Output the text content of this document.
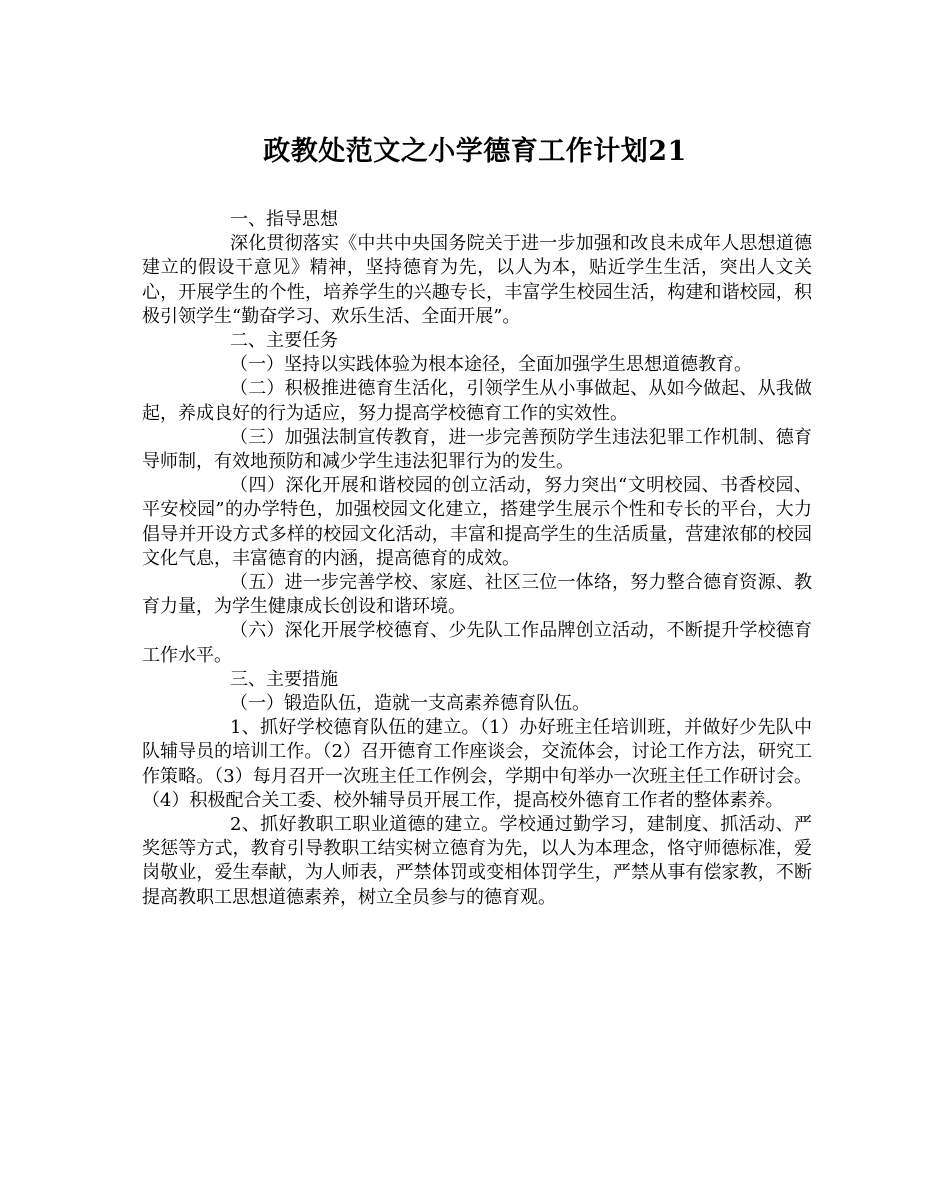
政教处范文之小学德育工作计划21

一、指导思想

深化贯彻落实《中共中央国务院关于进一步加强和改良未成年人思想道德建立的假设干意见》精神，坚持德育为先，以人为本，贴近学生生活，突出人文关心，开展学生的个性，培养学生的兴趣专长，丰富学生校园生活，构建和谐校园，积极引领学生“勤奋学习、欢乐生活、全面开展”。

二、主要任务

（一）坚持以实践体验为根本途径，全面加强学生思想道德教育。

（二）积极推进德育生活化，引领学生从小事做起、从如今做起、从我做起，养成良好的行为适应，努力提高学校德育工作的实效性。

（三）加强法制宣传教育，进一步完善预防学生违法犯罪工作机制、德育导师制，有效地预防和减少学生违法犯罪行为的发生。

（四）深化开展和谐校园的创立活动，努力突出“文明校园、书香校园、平安校园”的办学特色，加强校园文化建立，搭建学生展示个性和专长的平台，大力倡导并开设方式多样的校园文化活动，丰富和提高学生的生活质量，营建浓郁的校园文化气息，丰富德育的内涵，提高德育的成效。

（五）进一步完善学校、家庭、社区三位一体络，努力整合德育资源、教育力量，为学生健康成长创设和谐环境。

（六）深化开展学校德育、少先队工作品牌创立活动，不断提升学校德育工作水平。

三、主要措施

（一）锻造队伍，造就一支高素养德育队伍。

1、抓好学校德育队伍的建立。（1）办好班主任培训班，并做好少先队中队辅导员的培训工作。（2）召开德育工作座谈会，交流体会，讨论工作方法，研究工作策略。（3）每月召开一次班主任工作例会，学期中旬举办一次班主任工作研讨会。（4）积极配合关工委、校外辅导员开展工作，提高校外德育工作者的整体素养。

2、抓好教职工职业道德的建立。学校通过勤学习，建制度、抓活动、严奖惩等方式，教育引导教职工结实树立德育为先，以人为本理念，恪守师德标准，爱岗敬业，爱生奉献，为人师表，严禁体罚或变相体罚学生，严禁从事有偿家教，不断提高教职工思想道德素养，树立全员参与的德育观。
